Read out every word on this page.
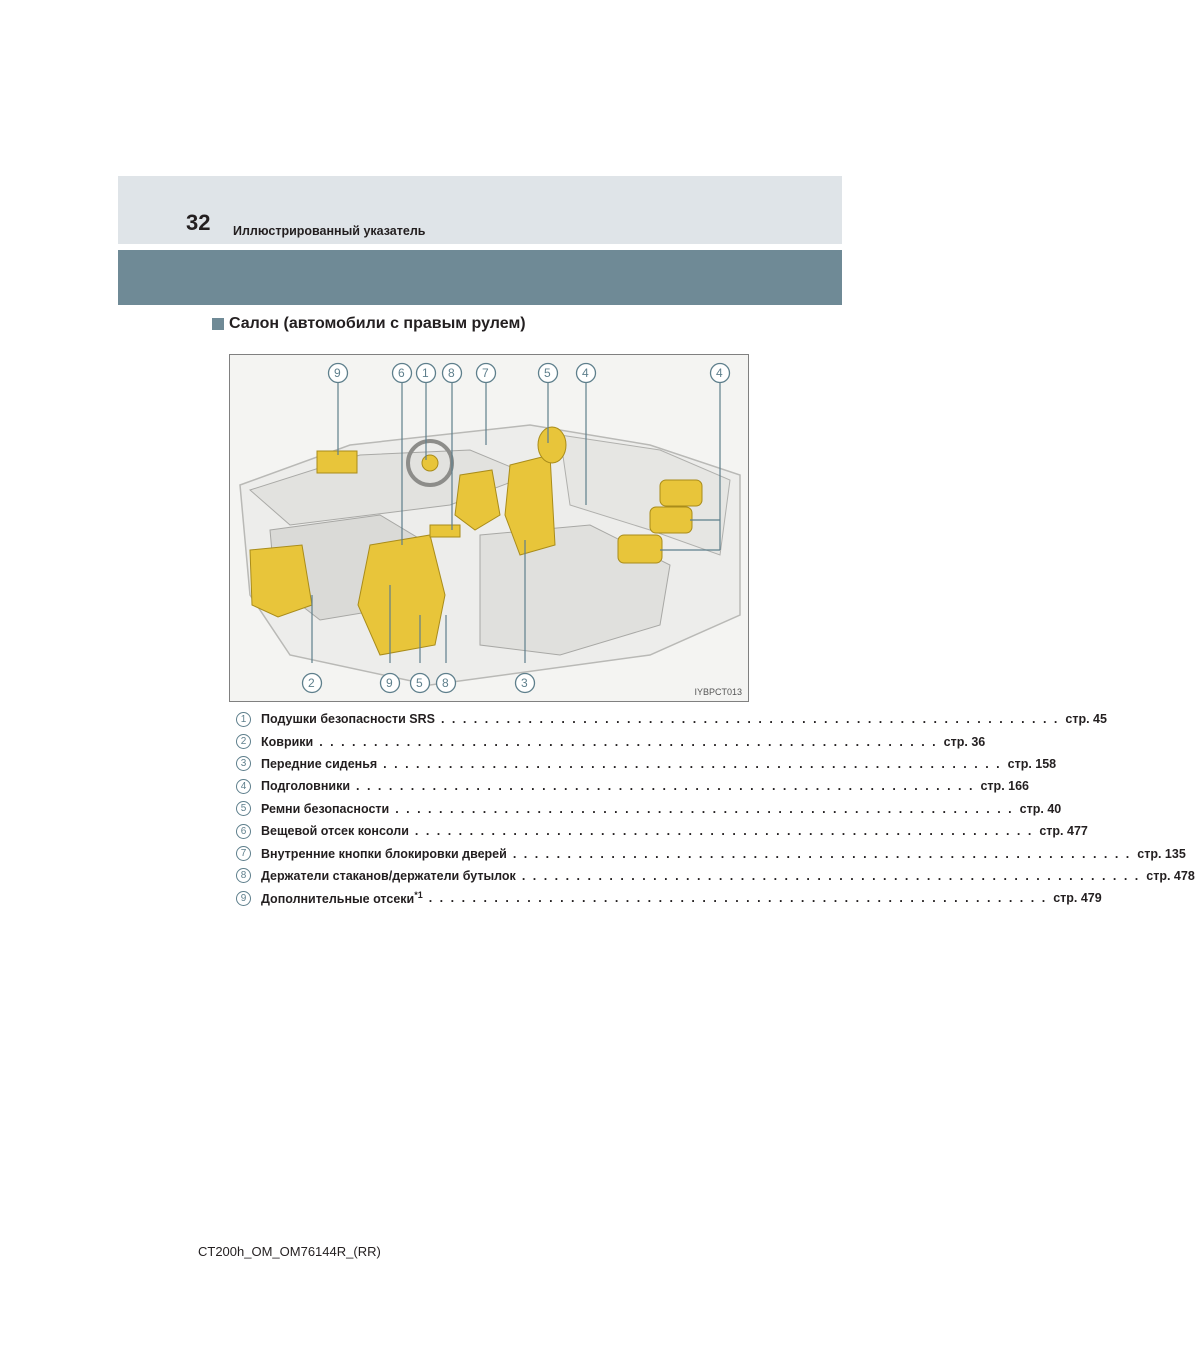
32 Иллюстрированный указатель
Салон (автомобили с правым рулем)
9	6 1 8 7	5	4	4
2	9 5 8	3
IYBPCT013
1	Подушки безопасности SRS . . . . . . . . . . . . . . . . . . . . . . . . . . . . . . . . . . . . . . . . . . . . . . . . . . . . . . . . . стр. 45
2	Коврики . . . . . . . . . . . . . . . . . . . . . . . . . . . . . . . . . . . . . . . . . . . . . . . . . . . . . . . . . стр. 36
3	Передние сиденья . . . . . . . . . . . . . . . . . . . . . . . . . . . . . . . . . . . . . . . . . . . . . . . . . . . . . . . . . стр. 158
4	Подголовники . . . . . . . . . . . . . . . . . . . . . . . . . . . . . . . . . . . . . . . . . . . . . . . . . . . . . . . . . стр. 166
5	Ремни безопасности . . . . . . . . . . . . . . . . . . . . . . . . . . . . . . . . . . . . . . . . . . . . . . . . . . . . . . . . . стр. 40
6	Вещевой отсек консоли . . . . . . . . . . . . . . . . . . . . . . . . . . . . . . . . . . . . . . . . . . . . . . . . . . . . . . . . . стр. 477
7	Внутренние кнопки блокировки дверей . . . . . . . . . . . . . . . . . . . . . . . . . . . . . . . . . . . . . . . . . . . . . . . . . . . . . . . . . стр. 135
8	Держатели стаканов/держатели бутылок . . . . . . . . . . . . . . . . . . . . . . . . . . . . . . . . . . . . . . . . . . . . . . . . . . . . . . . . . стр. 478
9	Дополнительные отсеки$^{*1}$ . . . . . . . . . . . . . . . . . . . . . . . . . . . . . . . . . . . . . . . . . . . . . . . . . . . . . . . . . стр. 479
CT200h_OM_OM76144R_(RR)
